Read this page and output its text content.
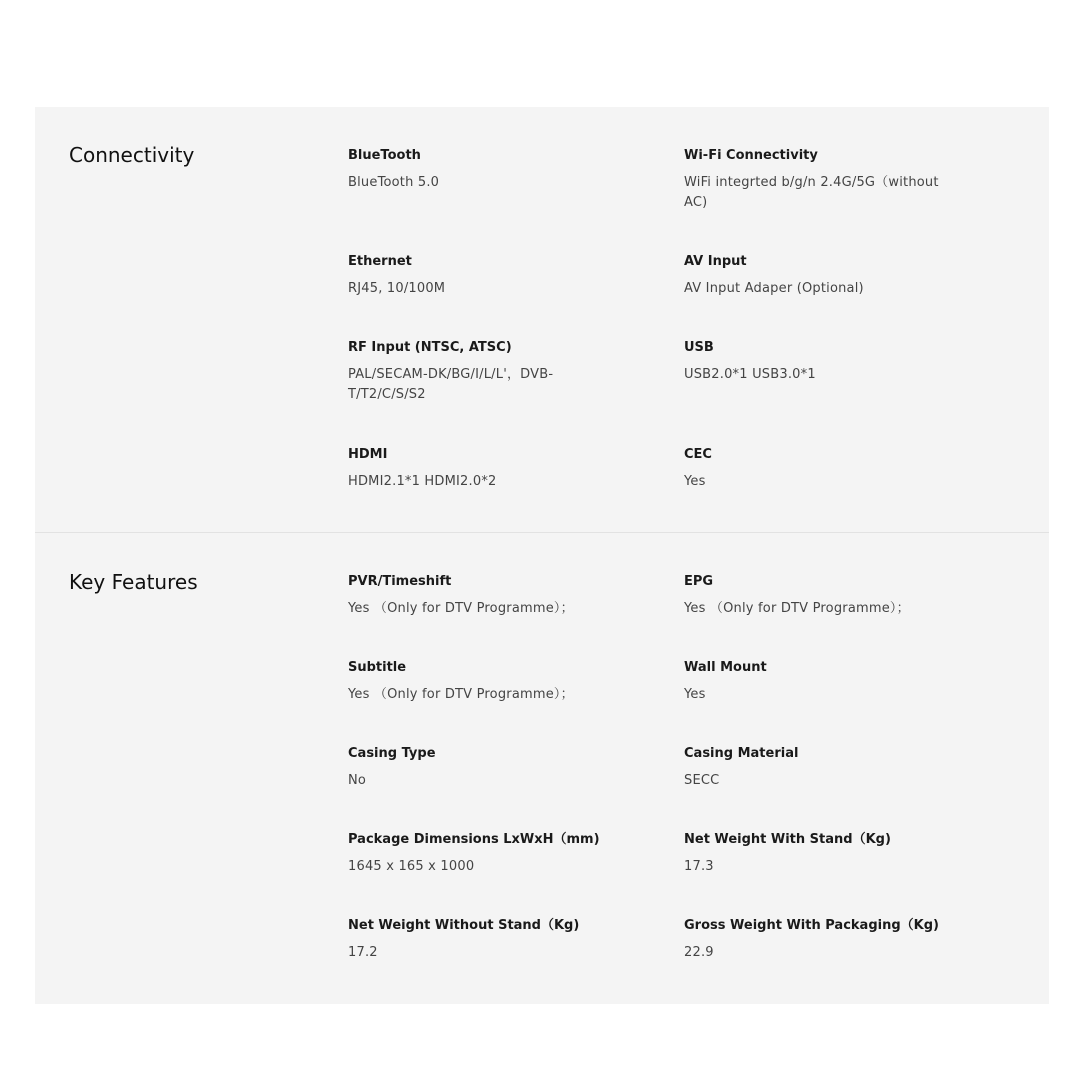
Connectivity	BlueTooth
BlueTooth 5.0
Wi-Fi Connectivity
WiFi integrted b/g/n 2.4G/5G（without AC)
Ethernet
RJ45, 10/100M
AV Input
AV Input Adaper (Optional)
RF Input (NTSC, ATSC)
PAL/SECAM-DK/BG/I/L/L'，DVB-T/T2/C/S/S2
USB
USB2.0*1 USB3.0*1
HDMI
HDMI2.1*1 HDMI2.0*2
CEC
Yes
Key Features	PVR/Timeshift
Yes （Only for DTV Programme）；
EPG
Yes （Only for DTV Programme）；
Subtitle
Yes （Only for DTV Programme）；
Wall Mount
Yes
Casing Type
No
Casing Material
SECC
Package Dimensions LxWxH（mm)
1645 x 165 x 1000
Net Weight With Stand（Kg)
17.3
Net Weight Without Stand（Kg)
17.2
Gross Weight With Packaging（Kg)
22.9
